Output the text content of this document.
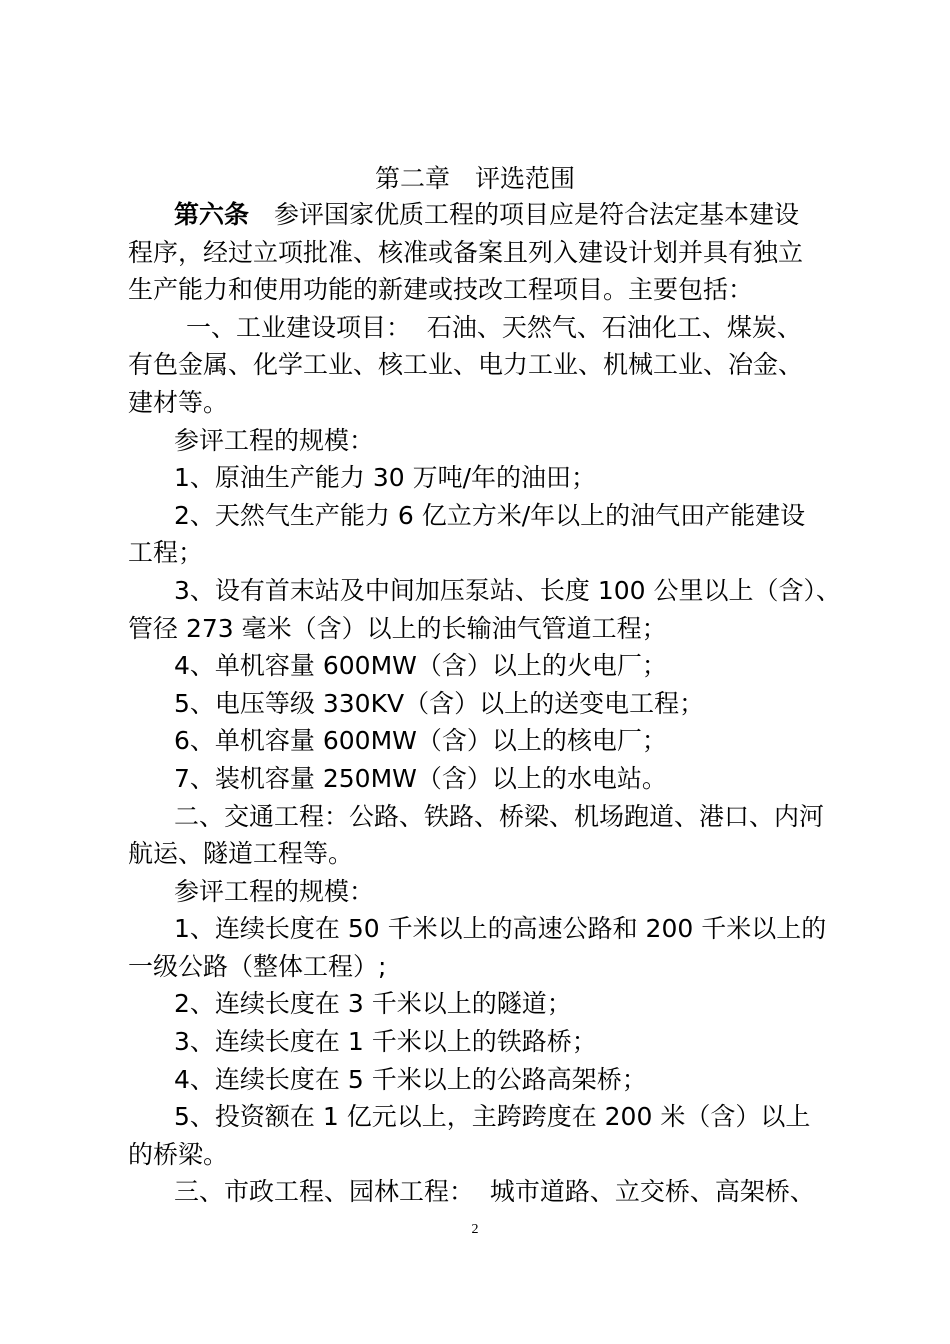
第二章　评选范围
第六条　参评国家优质工程的项目应是符合法定基本建设
程序，经过立项批准、核准或备案且列入建设计划并具有独立
生产能力和使用功能的新建或技改工程项目。主要包括：
一、工业建设项目：  石油、天然气、石油化工、煤炭、
有色金属、化学工业、核工业、电力工业、机械工业、冶金、
建材等。
参评工程的规模：
1、原油生产能力 30 万吨/年的油田；
2、天然气生产能力 6 亿立方米/年以上的油气田产能建设
工程；
3、设有首末站及中间加压泵站、长度 100 公里以上（含）、
管径 273 毫米（含）以上的长输油气管道工程；
4、单机容量 600MW（含）以上的火电厂；
5、电压等级 330KV（含）以上的送变电工程；
6、单机容量 600MW（含）以上的核电厂；
7、装机容量 250MW（含）以上的水电站。
二、交通工程：公路、铁路、桥梁、机场跑道、港口、内河
航运、隧道工程等。
参评工程的规模：
1、连续长度在 50 千米以上的高速公路和 200 千米以上的
一级公路（整体工程）;
2、连续长度在 3 千米以上的隧道；
3、连续长度在 1 千米以上的铁路桥；
4、连续长度在 5 千米以上的公路高架桥；
5、投资额在 1 亿元以上，主跨跨度在 200 米（含）以上
的桥梁。
三、市政工程、园林工程：  城市道路、立交桥、高架桥、
2
